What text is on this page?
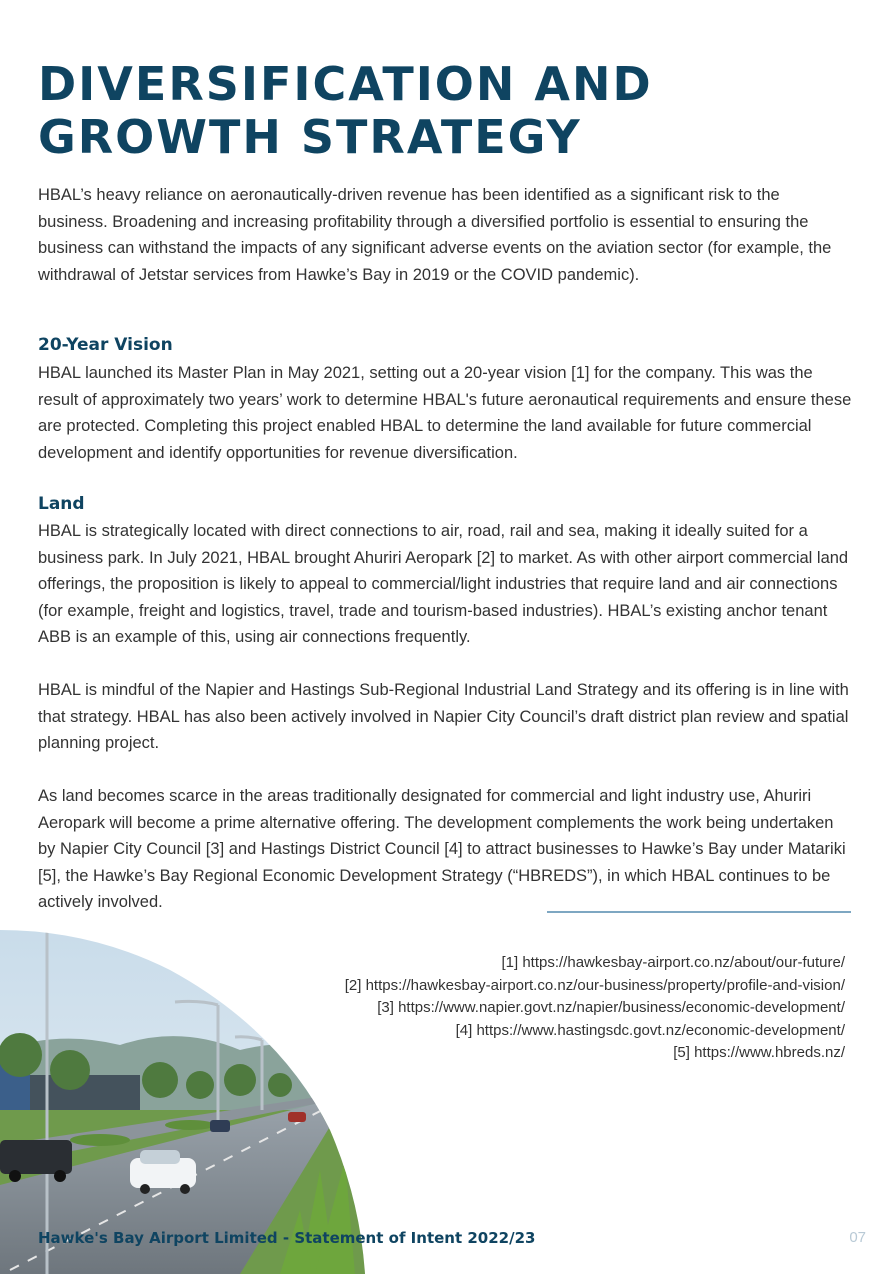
DIVERSIFICATION AND GROWTH STRATEGY

HBAL’s heavy reliance on aeronautically-driven revenue has been identified as a significant risk to the business. Broadening and increasing profitability through a diversified portfolio is essential to ensuring the business can withstand the impacts of any significant adverse events on the aviation sector (for example, the withdrawal of Jetstar services from Hawke’s Bay in 2019 or the COVID pandemic).

20-Year Vision

HBAL launched its Master Plan in May 2021, setting out a 20-year vision [1] for the company. This was the result of approximately two years’ work to determine HBAL's future aeronautical requirements and ensure these are protected. Completing this project enabled HBAL to determine the land available for future commercial development and identify opportunities for revenue diversification.

Land

HBAL is strategically located with direct connections to air, road, rail and sea, making it ideally suited for a business park. In July 2021, HBAL brought Ahuriri Aeropark [2] to market. As with other airport commercial land offerings, the proposition is likely to appeal to commercial/light industries that require land and air connections (for example, freight and logistics, travel, trade and tourism-based industries). HBAL’s existing anchor tenant ABB is an example of this, using air connections frequently.

HBAL is mindful of the Napier and Hastings Sub-Regional Industrial Land Strategy and its offering is in line with that strategy. HBAL has also been actively involved in Napier City Council’s draft district plan review and spatial planning project.

As land becomes scarce in the areas traditionally designated for commercial and light industry use, Ahuriri Aeropark will become a prime alternative offering. The development complements the work being undertaken by Napier City Council [3] and Hastings District Council [4] to attract businesses to Hawke’s Bay under Matariki [5], the Hawke’s Bay Regional Economic Development Strategy (“HBREDS”), in which HBAL continues to be actively involved.

[1] https://hawkesbay-airport.co.nz/about/our-future/
[2] https://hawkesbay-airport.co.nz/our-business/property/profile-and-vision/
[3] https://www.napier.govt.nz/napier/business/economic-development/
[4] https://www.hastingsdc.govt.nz/economic-development/
[5] https://www.hbreds.nz/
Hawke's Bay Airport Limited - Statement of Intent 2022/23	07
